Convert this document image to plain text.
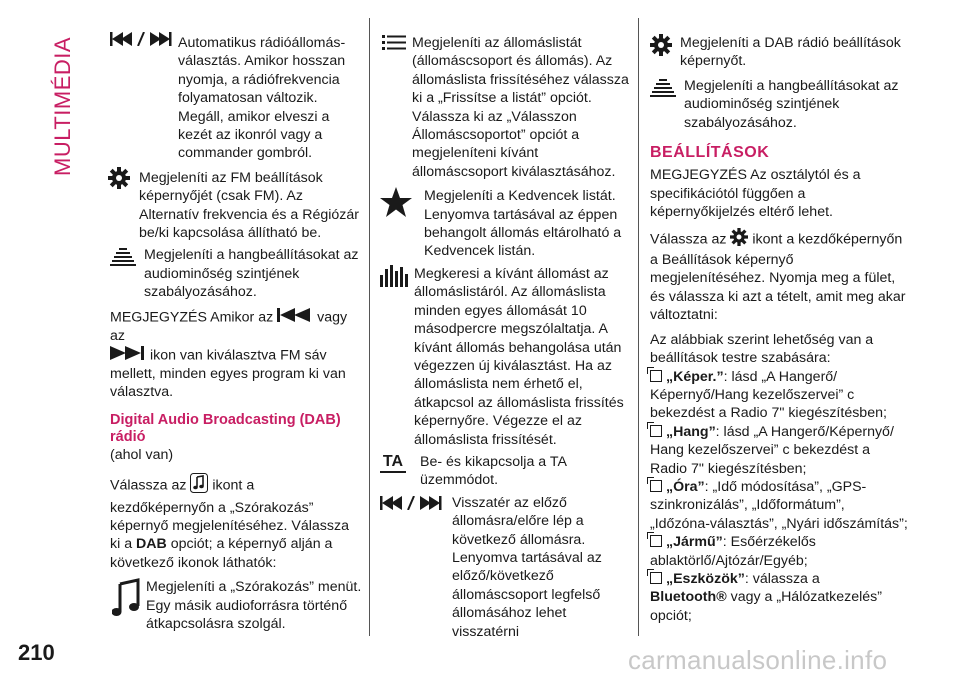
MULTIMÉDIA	Automatikus rádióállomás-választás. Amikor hosszan nyomja, a rádiófrekvencia folyamatosan változik. Megáll, amikor elveszi a kezét az ikonról vagy a commander gombról.

Megjeleníti az FM beállítások képernyőjét (csak FM). Az Alternatív frekvencia és a Régiózár be/ki kapcsolása állítható be.

Megjeleníti a hangbeállításokat az audiominőség szintjének szabályozásához.

MEGJEGYZÉS Amikor az	vagy az
ikon van kiválasztva FM sáv mellett, minden egyes program ki van választva.

Digital Audio Broadcasting (DAB) rádió

(ahol van)

Válassza az ikont a kezdőképernyőn a „Szórakozás” képernyő megjelenítéséhez. Válassza ki a DAB opciót; a képernyő alján a következő ikonok láthatók:

Megjeleníti a „Szórakozás” menüt. Egy másik audioforrásra történő átkapcsolásra szolgál.

Megjeleníti az állomáslistát (állomáscsoport és állomás). Az állomáslista frissítéséhez válassza ki a „Frissítse a listát” opciót. Válassza ki az „Válasszon Állomáscsoportot” opciót a megjeleníteni kívánt állomáscsoport kiválasztásához.

Megjeleníti a Kedvencek listát. Lenyomva tartásával az éppen behangolt állomás eltárolható a Kedvencek listán.

Megkeresi a kívánt állomást az állomáslistáról. Az állomáslista minden egyes állomását 10 másodpercre megszólaltatja. A kívánt állomás behangolása után végezzen új kiválasztást. Ha az állomáslista nem érhető el, átkapcsol az állomáslista frissítés képernyőre. Végezze el az állomáslista frissítését.

TA Be- és kikapcsolja a TA üzemmódot.

Visszatér az előző állomásra/előre lép a következő állomásra. Lenyomva tartásával az előző/következő állomáscsoport legfelső állomásához lehet visszatérni

Megjeleníti a DAB rádió beállítások képernyőt.

Megjeleníti a hangbeállításokat az audiominőség szintjének szabályozásához.

BEÁLLÍTÁSOK

MEGJEGYZÉS Az osztálytól és a specifikációtól függően a képernyőkijelzés eltérő lehet.

Válassza az ikont a kezdőképernyőn a Beállítások képernyő megjelenítéséhez. Nyomja meg a fület, és válassza ki azt a tételt, amit meg akar változtatni:

Az alábbiak szerint lehetőség van a beállítások testre szabására:

„Képer.”: lásd „A Hangerő/ Képernyő/Hang kezelőszervei” c bekezdést a Radio 7" kiegészítésben;

„Hang”: lásd „A Hangerő/Képernyő/ Hang kezelőszervei” c bekezdést a Radio 7" kiegészítésben;

„Óra”: „Idő módosítása”, „GPS-szinkronizálás”, „Időformátum”, „Időzóna-választás”, „Nyári időszámítás”;

„Jármű”: Esőérzékelős ablaktörlő/Ajtózár/Egyéb;

„Eszközök”: válassza a
Bluetooth® vagy a „Hálózatkezelés” opciót;

210	carmanualsonline.info
